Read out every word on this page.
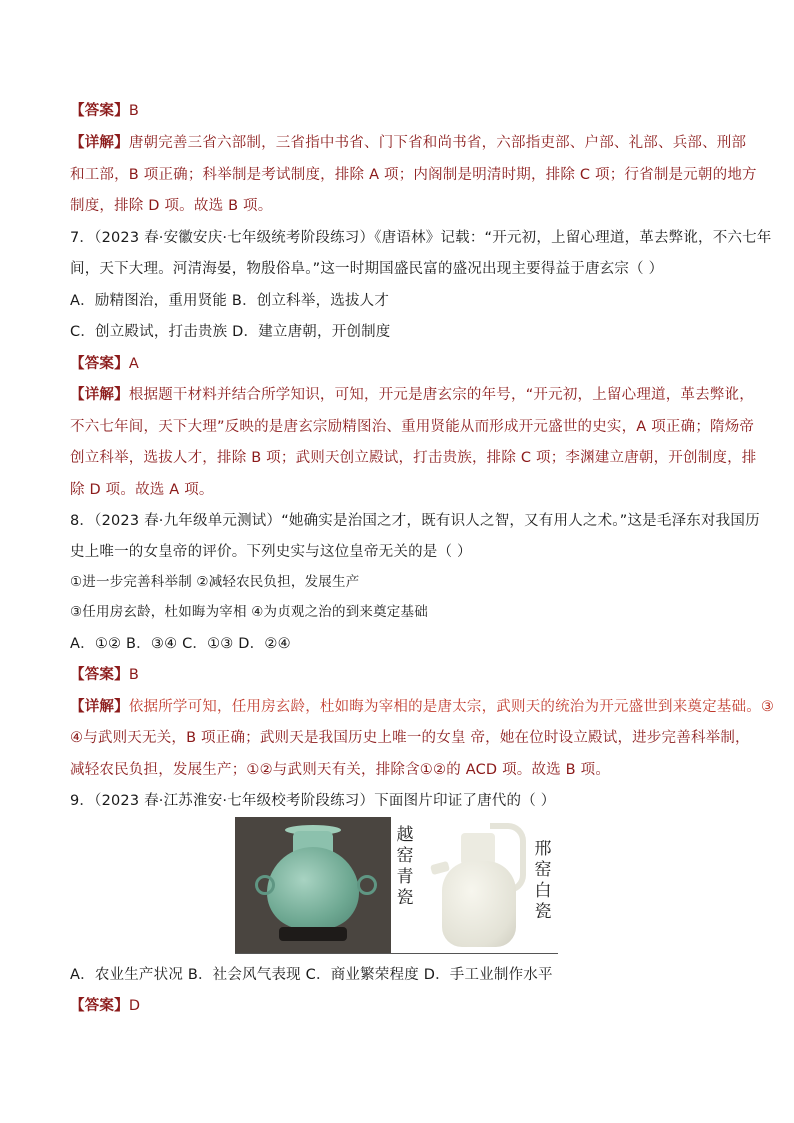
【答案】B
【详解】唐朝完善三省六部制，三省指中书省、门下省和尚书省，六部指吏部、户部、礼部、兵部、刑部
和工部，B 项正确；科举制是考试制度，排除 A 项；内阁制是明清时期，排除 C 项；行省制是元朝的地方
制度，排除 D 项。故选 B 项。
7．（2023 春·安徽安庆·七年级统考阶段练习）《唐语林》记载：“开元初，上留心理道，革去弊讹，不六七年
间，天下大理。河清海晏，物殷俗阜。”这一时期国盛民富的盛况出现主要得益于唐玄宗（ ）
A．励精图治，重用贤能 B．创立科举，选拔人才
C．创立殿试，打击贵族 D．建立唐朝，开创制度
【答案】A
【详解】根据题干材料并结合所学知识，可知，开元是唐玄宗的年号，“开元初，上留心理道，革去弊讹，
不六七年间，天下大理”反映的是唐玄宗励精图治、重用贤能从而形成开元盛世的史实，A 项正确；隋炀帝
创立科举，选拔人才，排除 B 项；武则天创立殿试，打击贵族，排除 C 项；李渊建立唐朝，开创制度，排
除 D 项。故选 A 项。
8．（2023 春·九年级单元测试）“她确实是治国之才，既有识人之智，又有用人之术。”这是毛泽东对我国历
史上唯一的女皇帝的评价。下列史实与这位皇帝无关的是（ ）
①进一步完善科举制 ②减轻农民负担，发展生产
③任用房玄龄，杜如晦为宰相 ④为贞观之治的到来奠定基础
A．①② B．③④ C．①③ D．②④
【答案】B
【详解】依据所学可知，任用房玄龄，杜如晦为宰相的是唐太宗，武则天的统治为开元盛世到来奠定基础。③
④与武则天无关，B 项正确；武则天是我国历史上唯一的女皇 帝，她在位时设立殿试，进步完善科举制，
减轻农民负担，发展生产；①②与武则天有关，排除含①②的 ACD 项。故选 B 项。
9．（2023 春·江苏淮安·七年级校考阶段练习）下面图片印证了唐代的（ ）
越窑青瓷
邢窑白瓷
A．农业生产状况 B．社会风气表现 C．商业繁荣程度 D．手工业制作水平
【答案】D
